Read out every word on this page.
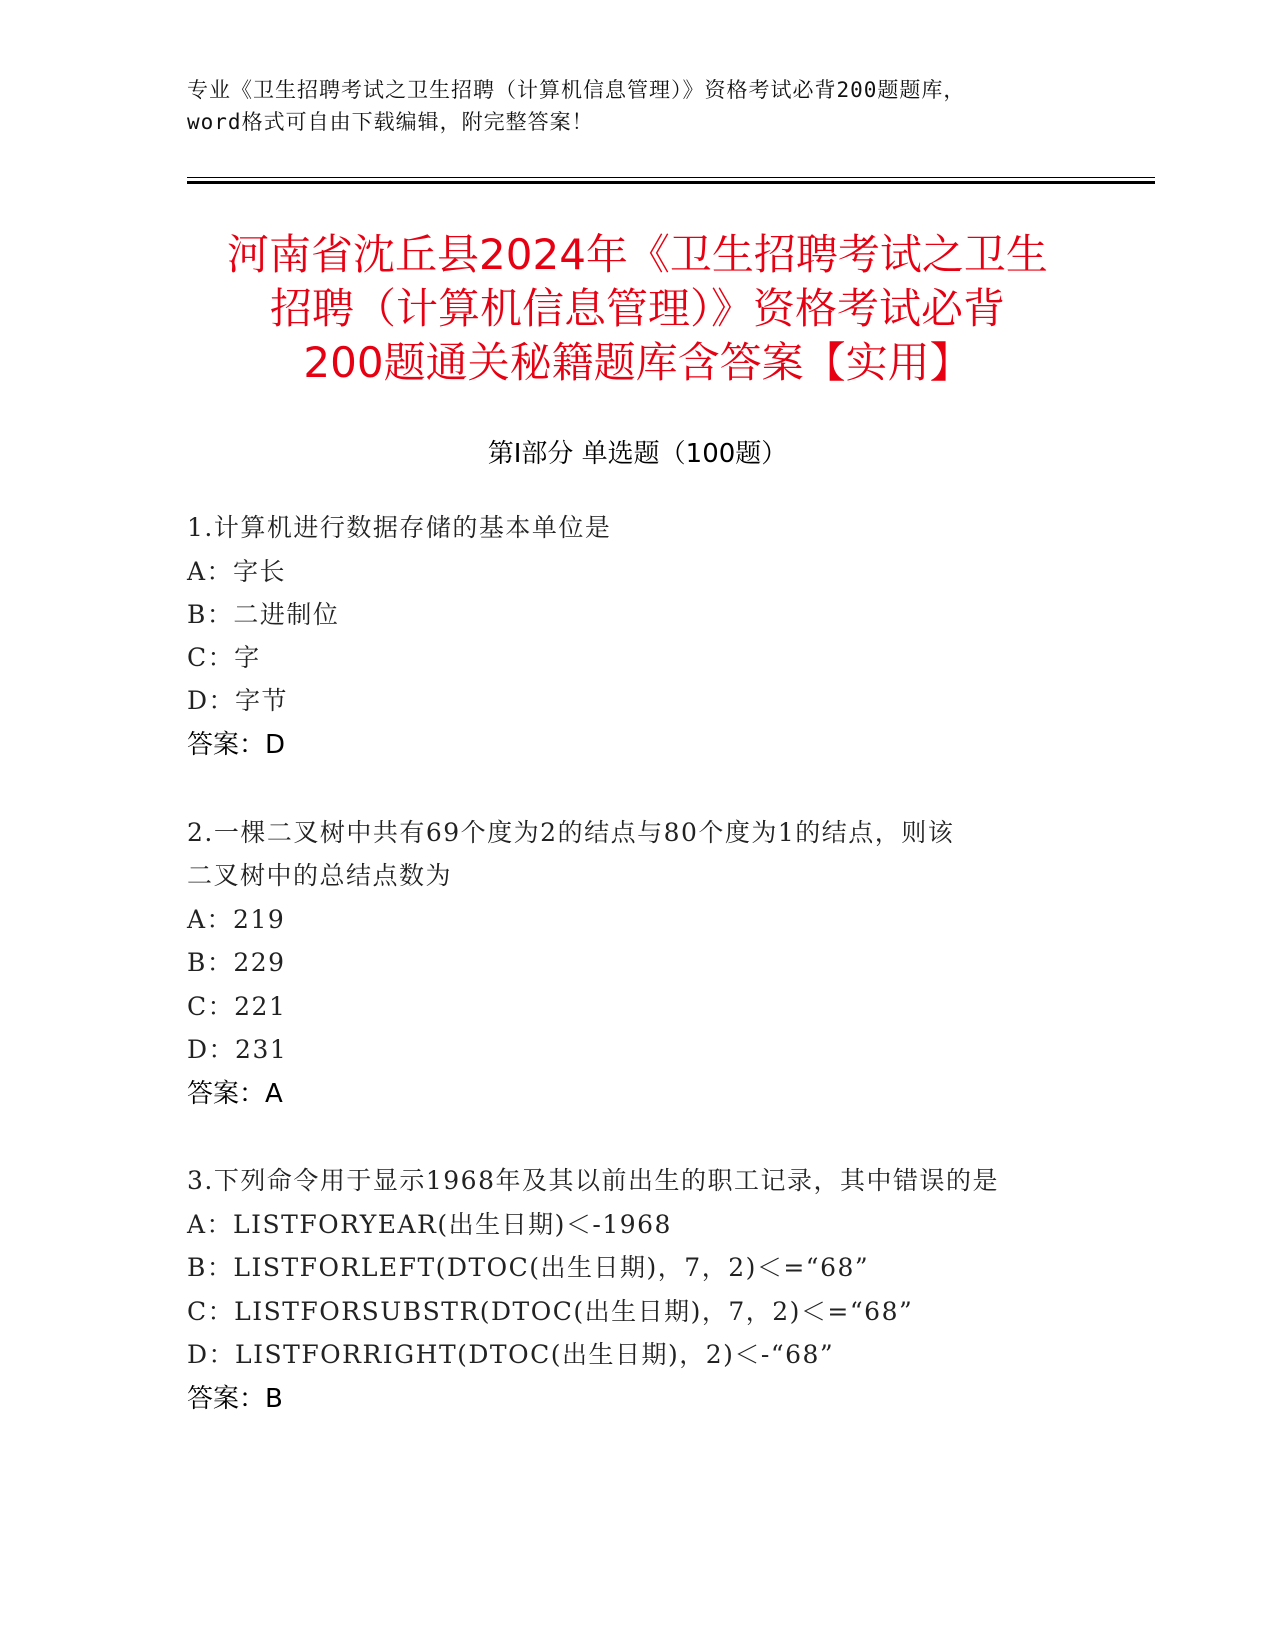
专业《卫生招聘考试之卫生招聘（计算机信息管理）》资格考试必背200题题库，
word格式可自由下载编辑，附完整答案！
河南省沈丘县2024年《卫生招聘考试之卫生
招聘（计算机信息管理）》资格考试必背
200题通关秘籍题库含答案【实用】
第Ⅰ部分 单选题（100题）
1.计算机进行数据存储的基本单位是
A：字长
B：二进制位
C：字
D：字节
答案：D
2.一棵二叉树中共有69个度为2的结点与80个度为1的结点，则该
二叉树中的总结点数为
A：219
B：229
C：221
D：231
答案：A
3.下列命令用于显示1968年及其以前出生的职工记录，其中错误的是
A：LISTFORYEAR(出生日期)＜-1968
B：LISTFORLEFT(DTOC(出生日期)，7，2)＜=“68”
C：LISTFORSUBSTR(DTOC(出生日期)，7，2)＜=“68”
D：LISTFORRIGHT(DTOC(出生日期)，2)＜-“68”
答案：B
